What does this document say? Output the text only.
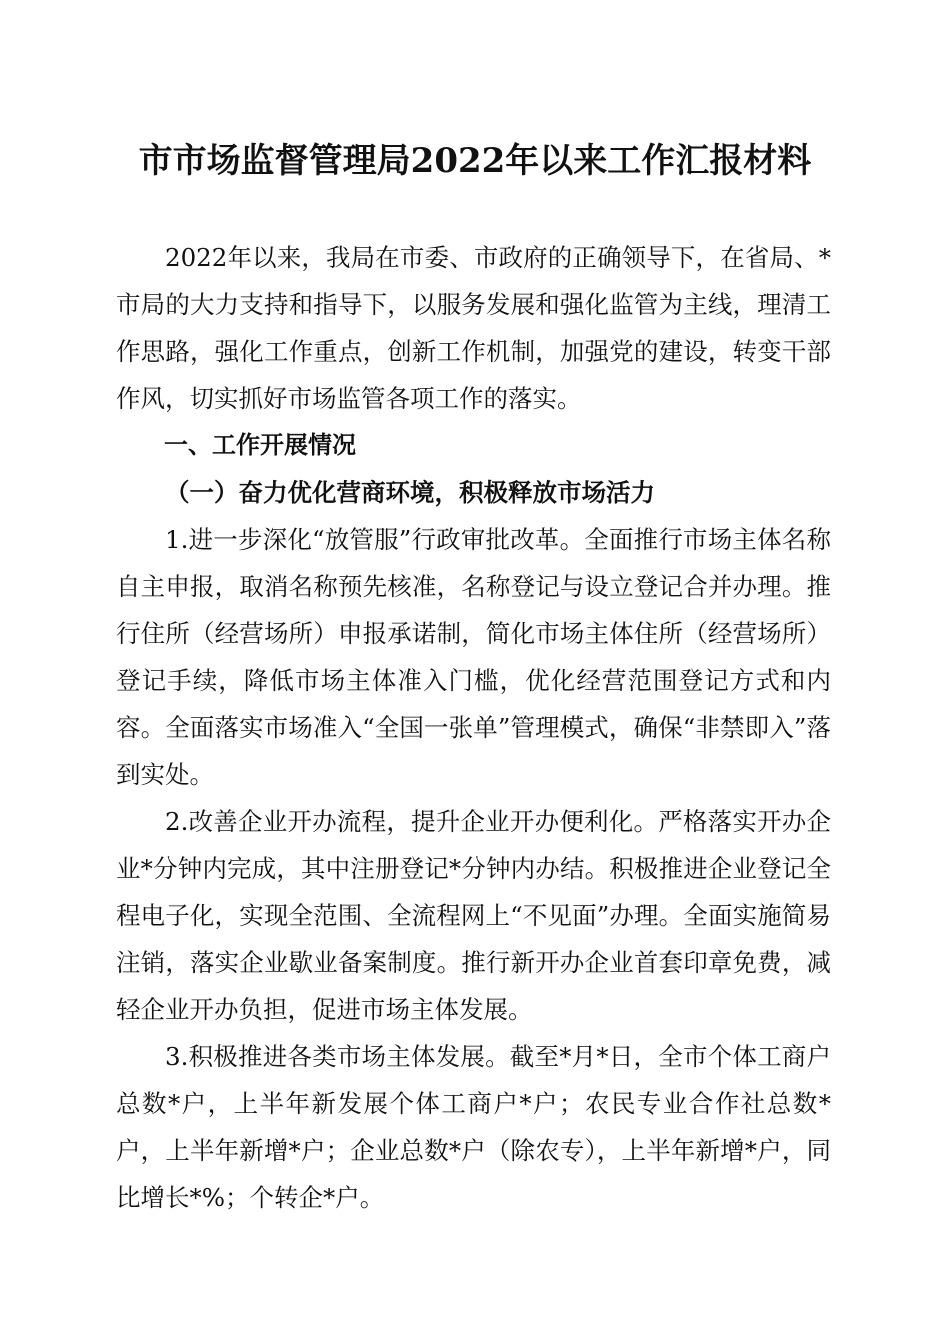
市市场监督管理局2022年以来工作汇报材料

2022年以来，我局在市委、市政府的正确领导下，在省局、*市局的大力支持和指导下，以服务发展和强化监管为主线，理清工作思路，强化工作重点，创新工作机制，加强党的建设，转变干部作风，切实抓好市场监管各项工作的落实。

一、工作开展情况

（一）奋力优化营商环境，积极释放市场活力

1.进一步深化“放管服”行政审批改革。全面推行市场主体名称自主申报，取消名称预先核准，名称登记与设立登记合并办理。推行住所（经营场所）申报承诺制，简化市场主体住所（经营场所）登记手续，降低市场主体准入门槛，优化经营范围登记方式和内容。全面落实市场准入“全国一张单”管理模式，确保“非禁即入”落到实处。

2.改善企业开办流程，提升企业开办便利化。严格落实开办企业*分钟内完成，其中注册登记*分钟内办结。积极推进企业登记全程电子化，实现全范围、全流程网上“不见面”办理。全面实施简易注销，落实企业歇业备案制度。推行新开办企业首套印章免费，减轻企业开办负担，促进市场主体发展。

3.积极推进各类市场主体发展。截至*月*日，全市个体工商户总数*户，上半年新发展个体工商户*户；农民专业合作社总数*户，上半年新增*户；企业总数*户（除农专），上半年新增*户，同比增长*%；个转企*户。
